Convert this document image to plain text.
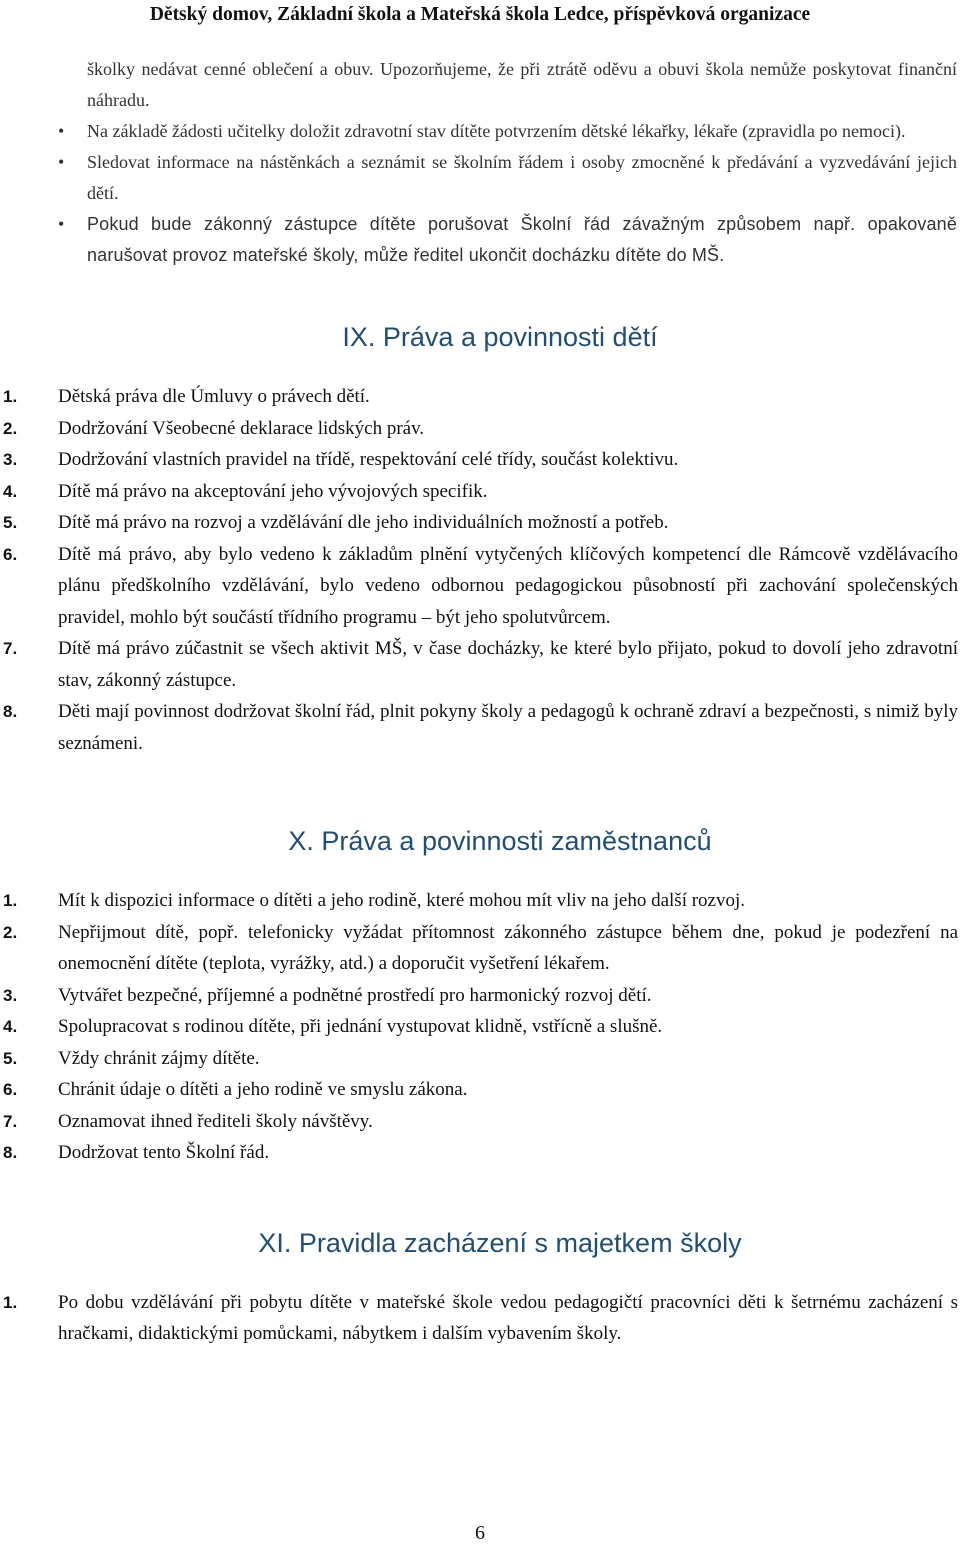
Dětský domov, Základní škola a Mateřská škola Ledce, příspěvková organizace
školky nedávat cenné oblečení a obuv. Upozorňujeme, že při ztrátě oděvu a obuvi škola nemůže poskytovat finanční náhradu.
• Na základě žádosti učitelky doložit zdravotní stav dítěte potvrzením dětské lékařky, lékaře (zpravidla po nemoci).
• Sledovat informace na nástěnkách a seznámit se školním řádem i osoby zmocněné k předávání a vyzvedávání jejich dětí.
• Pokud bude zákonný zástupce dítěte porušovat Školní řád závažným způsobem např. opakovaně narušovat provoz mateřské školy, může ředitel ukončit docházku dítěte do MŠ.
IX. Práva a povinnosti dětí
1. Dětská práva dle Úmluvy o právech dětí.
2. Dodržování Všeobecné deklarace lidských práv.
3. Dodržování vlastních pravidel na třídě, respektování celé třídy, součást kolektivu.
4. Dítě má právo na akceptování jeho vývojových specifik.
5. Dítě má právo na rozvoj a vzdělávání dle jeho individuálních možností a potřeb.
6. Dítě má právo, aby bylo vedeno k základům plnění vytyčených klíčových kompetencí dle Rámcově vzdělávacího plánu předškolního vzdělávání, bylo vedeno odbornou pedagogickou působností při zachování společenských pravidel, mohlo být součástí třídního programu – být jeho spolutvůrcem.
7. Dítě má právo zúčastnit se všech aktivit MŠ, v čase docházky, ke které bylo přijato, pokud to dovolí jeho zdravotní stav, zákonný zástupce.
8. Děti mají povinnost dodržovat školní řád, plnit pokyny školy a pedagogů k ochraně zdraví a bezpečnosti, s nimiž byly seznámeni.
X. Práva a povinnosti zaměstnanců
1. Mít k dispozici informace o dítěti a jeho rodině, které mohou mít vliv na jeho další rozvoj.
2. Nepřijmout dítě, popř. telefonicky vyžádat přítomnost zákonného zástupce během dne, pokud je podezření na onemocnění dítěte (teplota, vyrážky, atd.) a doporučit vyšetření lékařem.
3. Vytvářet bezpečné, příjemné a podnětné prostředí pro harmonický rozvoj dětí.
4. Spolupracovat s rodinou dítěte, při jednání vystupovat klidně, vstřícně a slušně.
5. Vždy chránit zájmy dítěte.
6. Chránit údaje o dítěti a jeho rodině ve smyslu zákona.
7. Oznamovat ihned řediteli školy návštěvy.
8. Dodržovat tento Školní řád.
XI. Pravidla zacházení s majetkem školy
1. Po dobu vzdělávání při pobytu dítěte v mateřské škole vedou pedagogičtí pracovníci děti k šetrnému zacházení s hračkami, didaktickými pomůckami, nábytkem i dalším vybavením školy.
6
